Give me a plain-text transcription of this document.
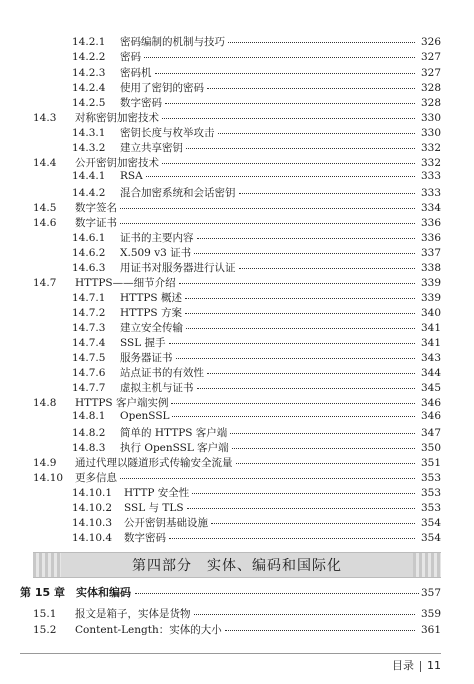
14.2.1	密码编制的机制与技巧	326
14.2.2	密码	327
14.2.3	密码机	327
14.2.4	使用了密钥的密码	328
14.2.5	数字密码	328
14.3	对称密钥加密技术	330
14.3.1	密钥长度与枚举攻击	330
14.3.2	建立共享密钥	332
14.4	公开密钥加密技术	332
14.4.1	RSA	333
14.4.2	混合加密系统和会话密钥	333
14.5	数字签名	334
14.6	数字证书	336
14.6.1	证书的主要内容	336
14.6.2	X.509 v3 证书	337
14.6.3	用证书对服务器进行认证	338
14.7	HTTPS——细节介绍	339
14.7.1	HTTPS 概述	339
14.7.2	HTTPS 方案	340
14.7.3	建立安全传输	341
14.7.4	SSL 握手	341
14.7.5	服务器证书	343
14.7.6	站点证书的有效性	344
14.7.7	虚拟主机与证书	345
14.8	HTTPS 客户端实例	346
14.8.1	OpenSSL	346
14.8.2	简单的 HTTPS 客户端	347
14.8.3	执行 OpenSSL 客户端	350
14.9	通过代理以隧道形式传输安全流量	351
14.10	更多信息	353
14.10.1	HTTP 安全性	353
14.10.2	SSL 与 TLS	353
14.10.3	公开密钥基础设施	354
14.10.4	数字密码	354
第四部分　实体、编码和国际化
第 15 章　实体和编码	357
15.1	报文是箱子，实体是货物	359
15.2	Content-Length：实体的大小	361
目录 11
